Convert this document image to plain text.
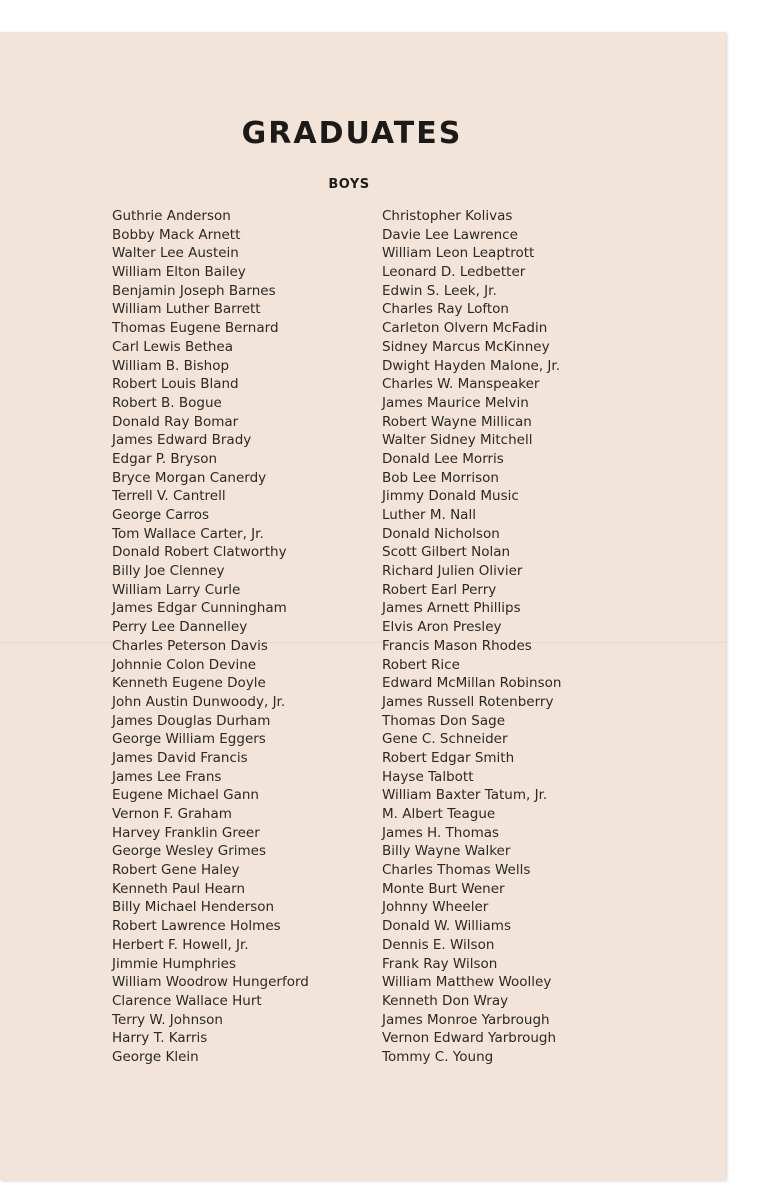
GRADUATES
BOYS
Guthrie Anderson
Bobby Mack Arnett
Walter Lee Austein
William Elton Bailey
Benjamin Joseph Barnes
William Luther Barrett
Thomas Eugene Bernard
Carl Lewis Bethea
William B. Bishop
Robert Louis Bland
Robert B. Bogue
Donald Ray Bomar
James Edward Brady
Edgar P. Bryson
Bryce Morgan Canerdy
Terrell V. Cantrell
George Carros
Tom Wallace Carter, Jr.
Donald Robert Clatworthy
Billy Joe Clenney
William Larry Curle
James Edgar Cunningham
Perry Lee Dannelley
Charles Peterson Davis
Johnnie Colon Devine
Kenneth Eugene Doyle
John Austin Dunwoody, Jr.
James Douglas Durham
George William Eggers
James David Francis
James Lee Frans
Eugene Michael Gann
Vernon F. Graham
Harvey Franklin Greer
George Wesley Grimes
Robert Gene Haley
Kenneth Paul Hearn
Billy Michael Henderson
Robert Lawrence Holmes
Herbert F. Howell, Jr.
Jimmie Humphries
William Woodrow Hungerford
Clarence Wallace Hurt
Terry W. Johnson
Harry T. Karris
George Klein
Christopher Kolivas
Davie Lee Lawrence
William Leon Leaptrott
Leonard D. Ledbetter
Edwin S. Leek, Jr.
Charles Ray Lofton
Carleton Olvern McFadin
Sidney Marcus McKinney
Dwight Hayden Malone, Jr.
Charles W. Manspeaker
James Maurice Melvin
Robert Wayne Millican
Walter Sidney Mitchell
Donald Lee Morris
Bob Lee Morrison
Jimmy Donald Music
Luther M. Nall
Donald Nicholson
Scott Gilbert Nolan
Richard Julien Olivier
Robert Earl Perry
James Arnett Phillips
Elvis Aron Presley
Francis Mason Rhodes
Robert Rice
Edward McMillan Robinson
James Russell Rotenberry
Thomas Don Sage
Gene C. Schneider
Robert Edgar Smith
Hayse Talbott
William Baxter Tatum, Jr.
M. Albert Teague
James H. Thomas
Billy Wayne Walker
Charles Thomas Wells
Monte Burt Wener
Johnny Wheeler
Donald W. Williams
Dennis E. Wilson
Frank Ray Wilson
William Matthew Woolley
Kenneth Don Wray
James Monroe Yarbrough
Vernon Edward Yarbrough
Tommy C. Young
